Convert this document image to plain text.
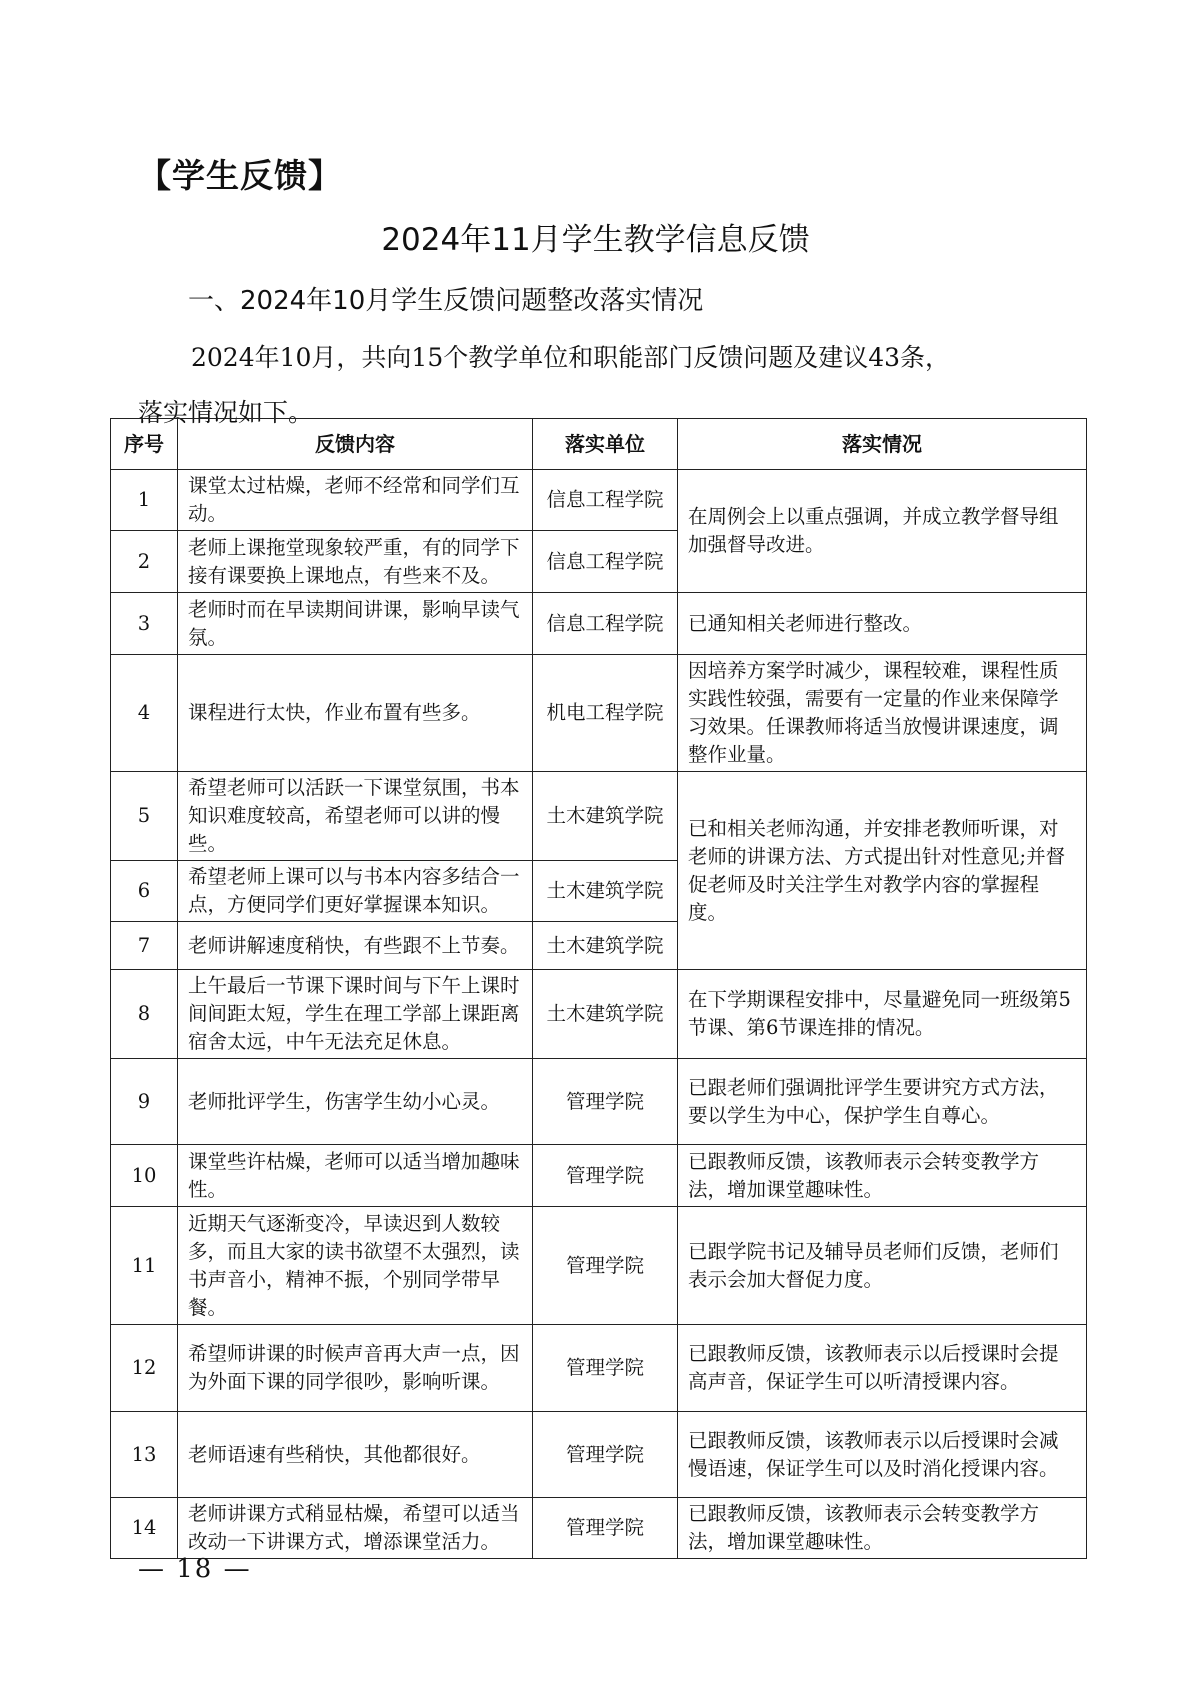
【学生反馈】
2024年11月学生教学信息反馈
一、2024年10月学生反馈问题整改落实情况
2024年10月，共向15个教学单位和职能部门反馈问题及建议43条，
落实情况如下。
序号	反馈内容	落实单位	落实情况
1	课堂太过枯燥，老师不经常和同学们互动。	信息工程学院	在周例会上以重点强调，并成立教学督导组加强督导改进。
2	老师上课拖堂现象较严重，有的同学下接有课要换上课地点，有些来不及。	信息工程学院	
3	老师时而在早读期间讲课，影响早读气氛。	信息工程学院	已通知相关老师进行整改。
4	课程进行太快，作业布置有些多。	机电工程学院	因培养方案学时减少，课程较难，课程性质实践性较强，需要有一定量的作业来保障学习效果。任课教师将适当放慢讲课速度，调整作业量。
5	希望老师可以活跃一下课堂氛围，书本知识难度较高，希望老师可以讲的慢些。	土木建筑学院	已和相关老师沟通，并安排老教师听课，对老师的讲课方法、方式提出针对性意见;并督促老师及时关注学生对教学内容的掌握程度。
6	希望老师上课可以与书本内容多结合一点，方便同学们更好掌握课本知识。	土木建筑学院	
7	老师讲解速度稍快，有些跟不上节奏。	土木建筑学院	
8	上午最后一节课下课时间与下午上课时间间距太短，学生在理工学部上课距离宿舍太远，中午无法充足休息。	土木建筑学院	在下学期课程安排中，尽量避免同一班级第5节课、第6节课连排的情况。
9	老师批评学生，伤害学生幼小心灵。	管理学院	已跟老师们强调批评学生要讲究方式方法，要以学生为中心，保护学生自尊心。
10	课堂些许枯燥，老师可以适当增加趣味性。	管理学院	已跟教师反馈，该教师表示会转变教学方法，增加课堂趣味性。
11	近期天气逐渐变冷，早读迟到人数较多，而且大家的读书欲望不太强烈，读书声音小，精神不振，个别同学带早餐。	管理学院	已跟学院书记及辅导员老师们反馈，老师们表示会加大督促力度。
12	希望师讲课的时候声音再大声一点，因为外面下课的同学很吵，影响听课。	管理学院	已跟教师反馈，该教师表示以后授课时会提高声音，保证学生可以听清授课内容。
13	老师语速有些稍快，其他都很好。	管理学院	已跟教师反馈，该教师表示以后授课时会减慢语速，保证学生可以及时消化授课内容。
14	老师讲课方式稍显枯燥，希望可以适当改动一下讲课方式，增添课堂活力。	管理学院	已跟教师反馈，该教师表示会转变教学方法，增加课堂趣味性。
— 18 —
